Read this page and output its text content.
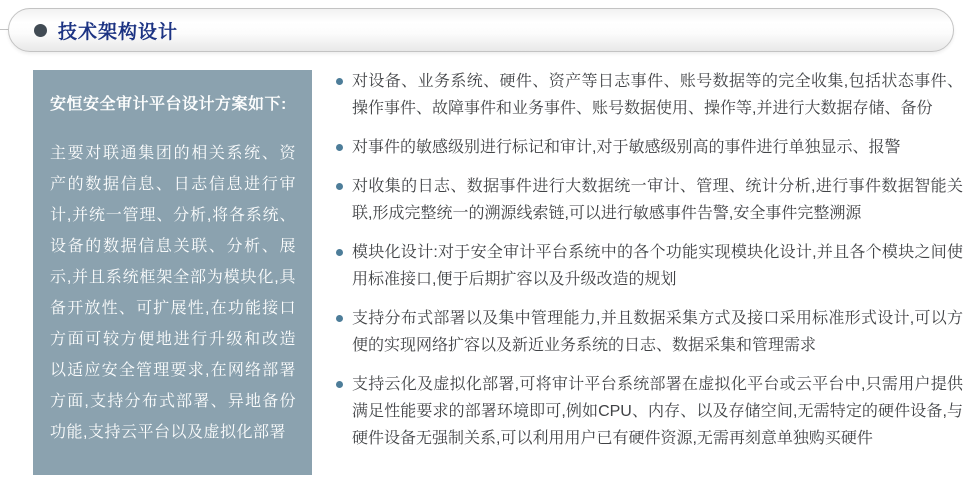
技术架构设计
安恒安全审计平台设计方案如下:

主要对联通集团的相关系统、资产的数据信息、日志信息进行审计,并统一管理、分析,将各系统、设备的数据信息关联、分析、展示,并且系统框架全部为模块化,具备开放性、可扩展性,在功能接口方面可较方便地进行升级和改造以适应安全管理要求,在网络部署方面,支持分布式部署、异地备份功能,支持云平台以及虚拟化部署

对设备、业务系统、硬件、资产等日志事件、账号数据等的完全收集,包括状态事件、操作事件、故障事件和业务事件、账号数据使用、操作等,并进行大数据存储、备份
对事件的敏感级别进行标记和审计,对于敏感级别高的事件进行单独显示、报警
对收集的日志、数据事件进行大数据统一审计、管理、统计分析,进行事件数据智能关联,形成完整统一的溯源线索链,可以进行敏感事件告警,安全事件完整溯源
模块化设计:对于安全审计平台系统中的各个功能实现模块化设计,并且各个模块之间使用标准接口,便于后期扩容以及升级改造的规划
支持分布式部署以及集中管理能力,并且数据采集方式及接口采用标准形式设计,可以方便的实现网络扩容以及新近业务系统的日志、数据采集和管理需求
支持云化及虚拟化部署,可将审计平台系统部署在虚拟化平台或云平台中,只需用户提供满足性能要求的部署环境即可,例如CPU、内存、以及存储空间,无需特定的硬件设备,与硬件设备无强制关系,可以利用用户已有硬件资源,无需再刻意单独购买硬件
